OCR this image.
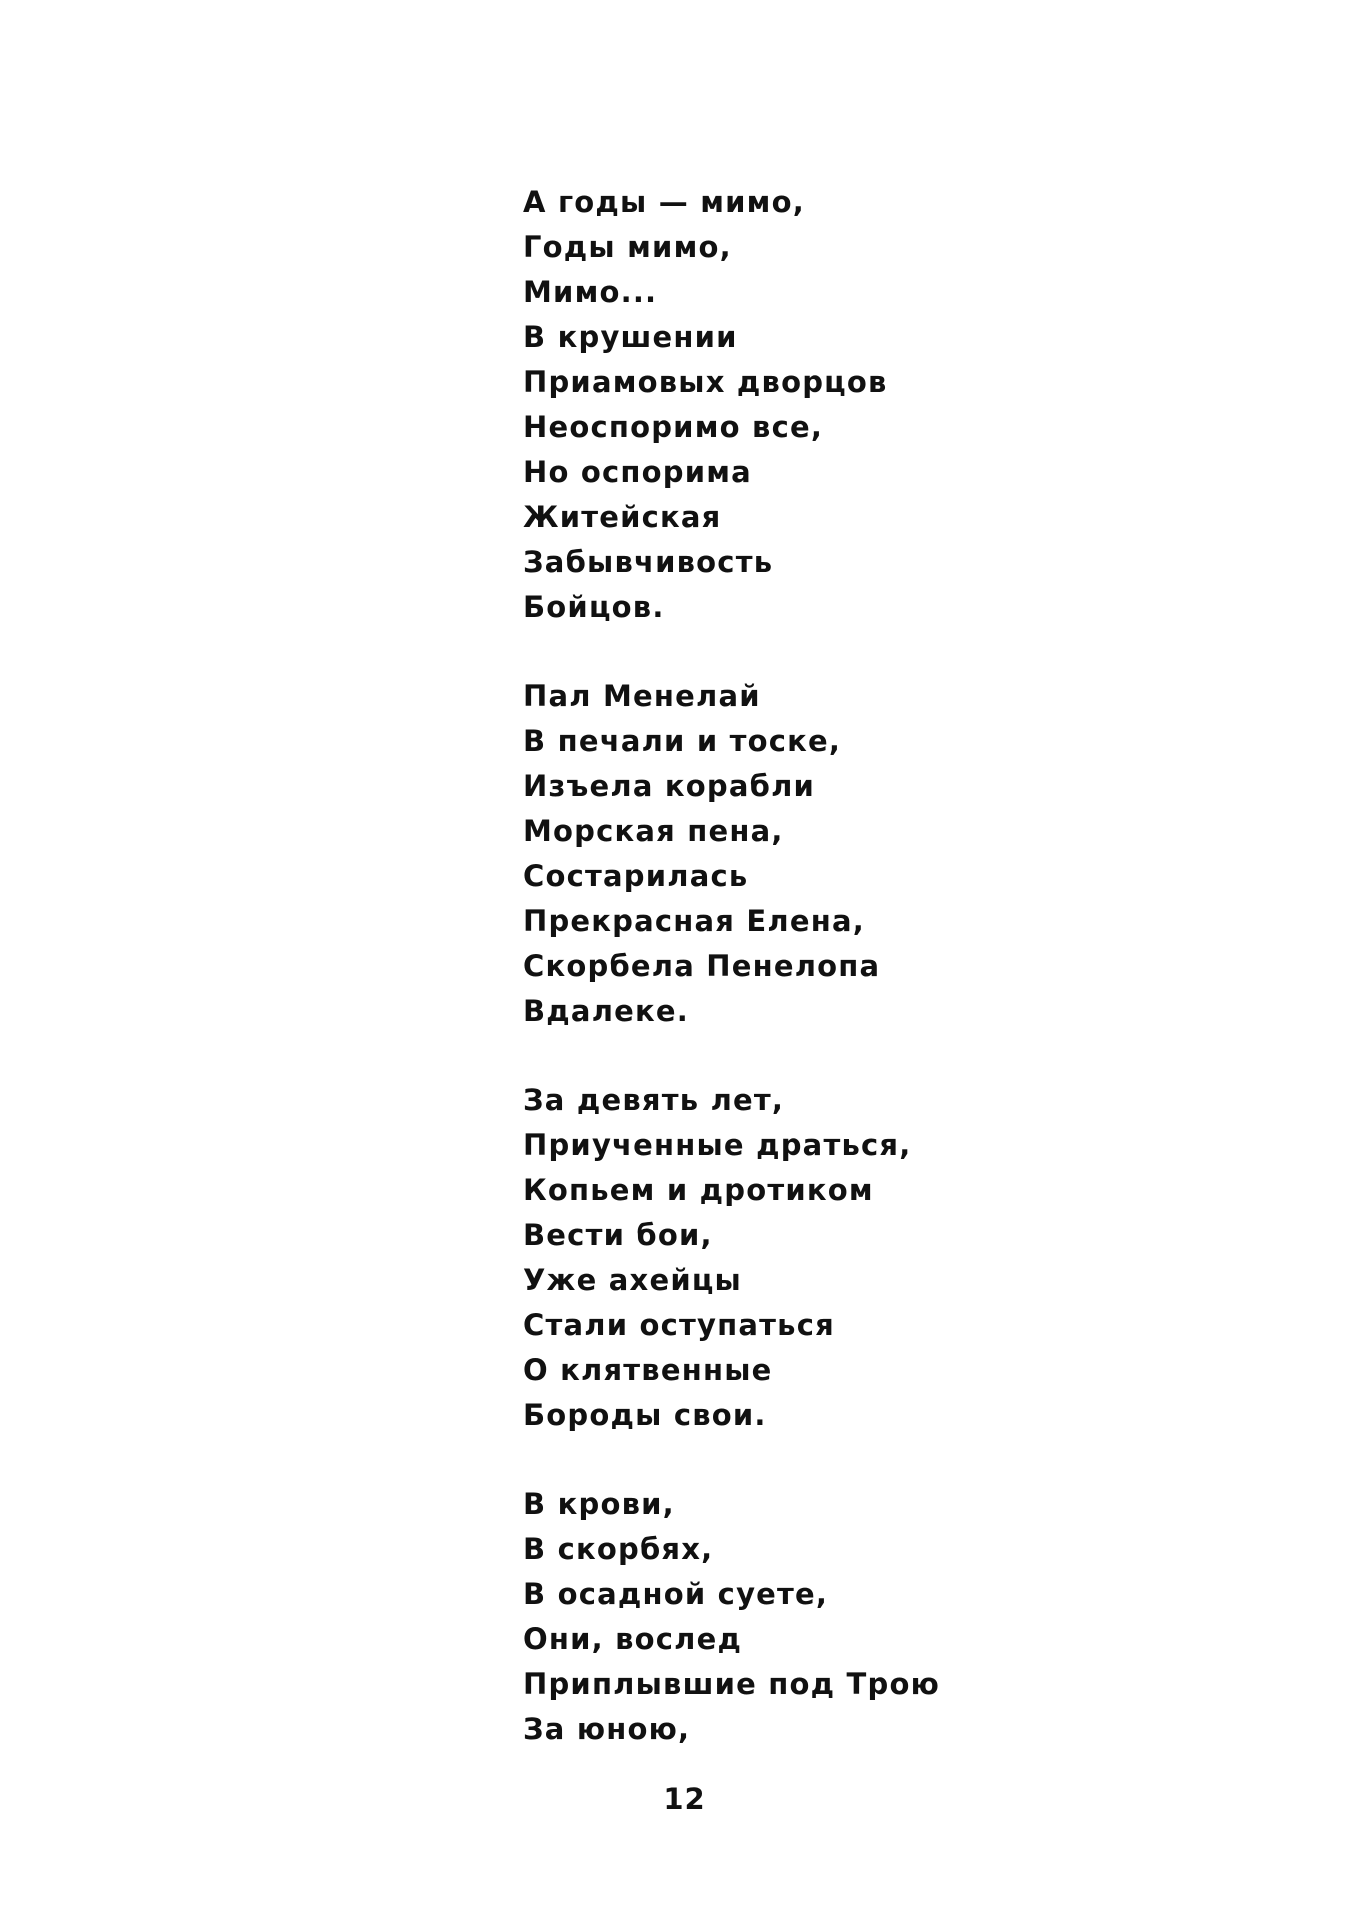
А годы — мимо,
Годы мимо,
Мимо...
В крушении
Приамовых дворцов
Неоспоримо все,
Но оспорима
Житейская
Забывчивость
Бойцов.
Пал Менелай
В печали и тоске,
Изъела корабли
Морская пена,
Состарилась
Прекрасная Елена,
Скорбела Пенелопа
Вдалеке.
За девять лет,
Приученные драться,
Копьем и дротиком
Вести бои,
Уже ахейцы
Стали оступаться
О клятвенные
Бороды свои.
В крови,
В скорбях,
В осадной суете,
Они, вослед
Приплывшие под Трою
За юною,
12
